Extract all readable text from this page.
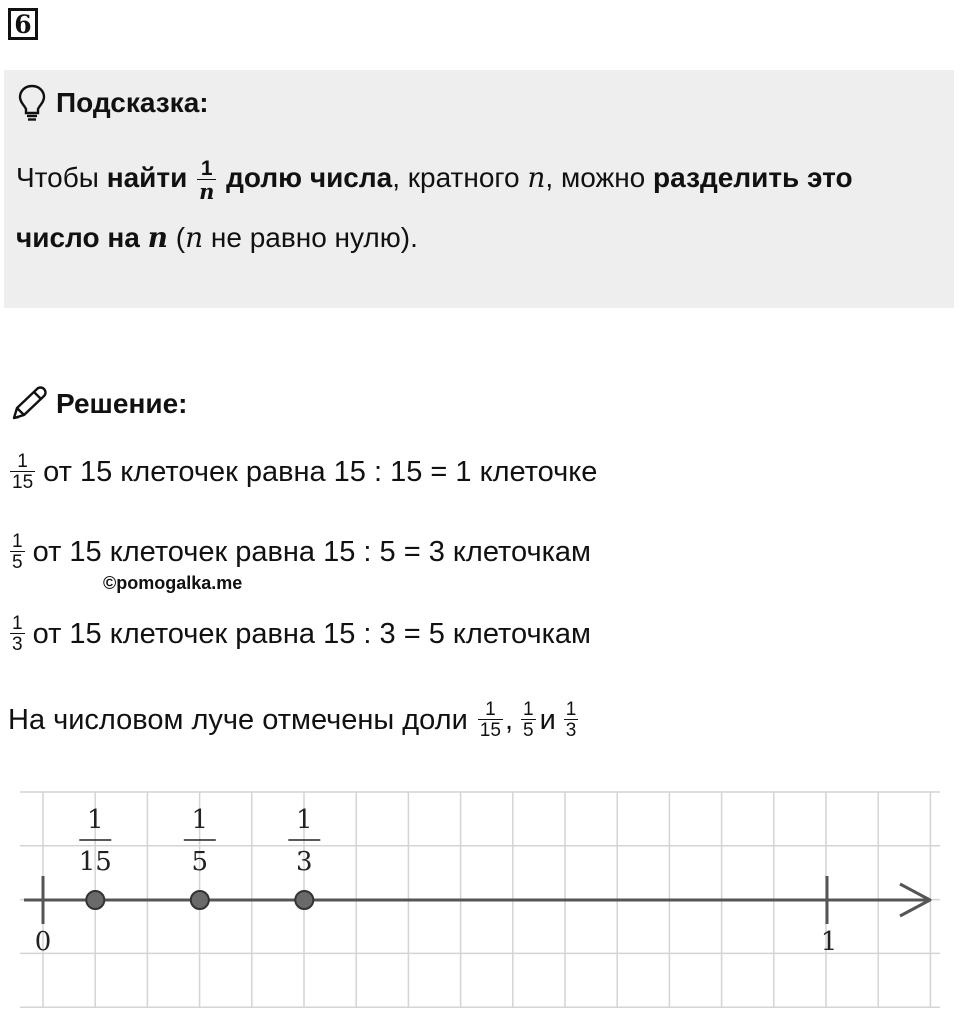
6
Подсказка:
Чтобы найти $\frac{1}{n}$ долю числа, кратного n, можно разделить это число на n (n не равно нулю).
Решение:
$\frac{1}{15}$ от 15 клеточек равна 15 : 15 = 1 клеточке
$\frac{1}{5}$ от 15 клеточек равна 15 : 5 = 3 клеточкам
©pomogalka.me
$\frac{1}{3}$ от 15 клеточек равна 15 : 3 = 5 клеточкам
На числовом луче отмечены доли $\frac{1}{15}$ , $\frac{1}{5}$ и $\frac{1}{3}$
0	1
1
15
1
5
1
3
